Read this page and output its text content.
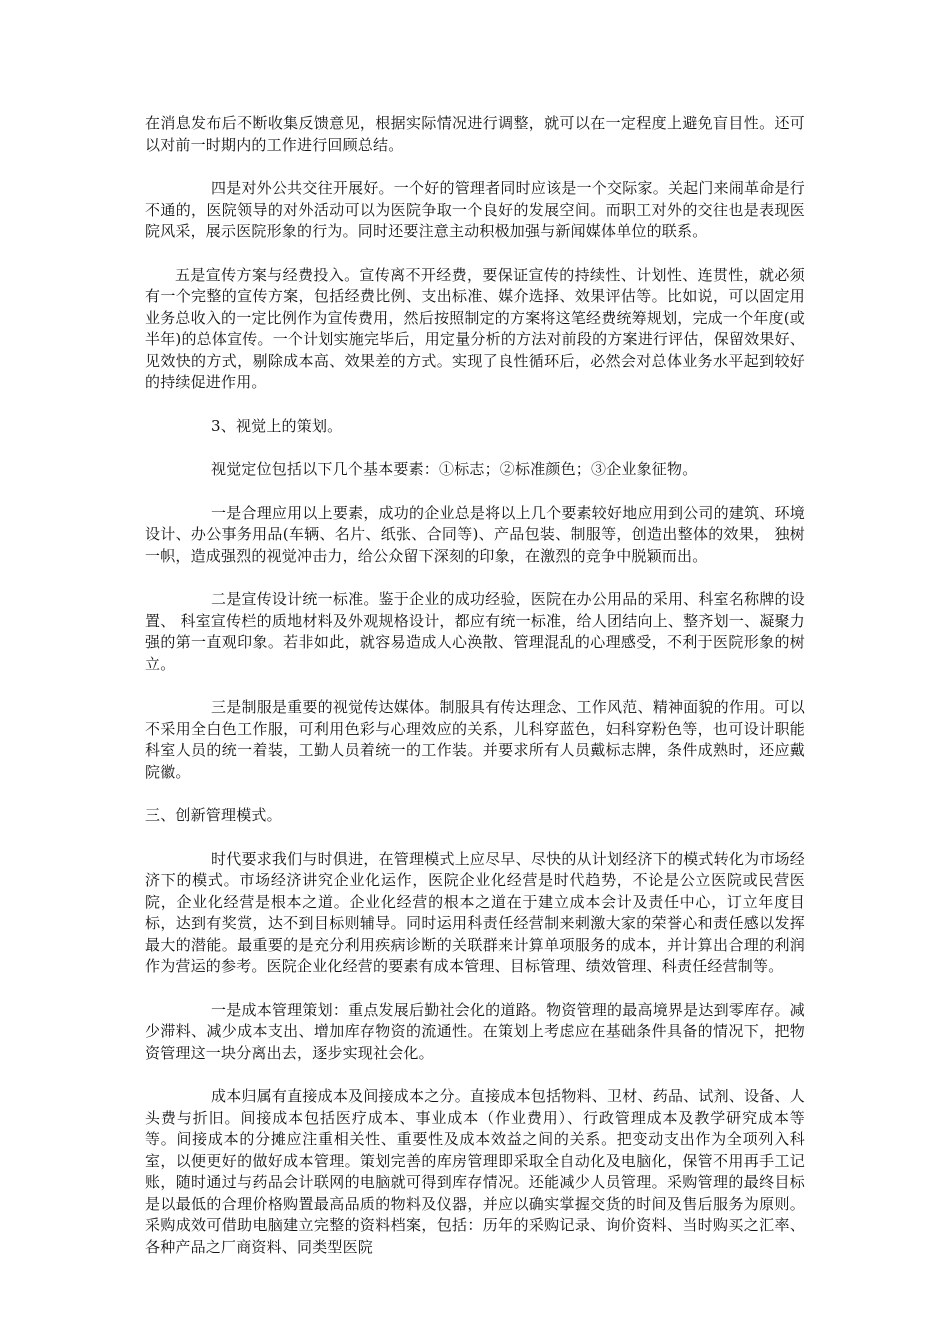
在消息发布后不断收集反馈意见，根据实际情况进行调整，就可以在一定程度上避免盲目性。还可以对前一时期内的工作进行回顾总结。

四是对外公共交往开展好。一个好的管理者同时应该是一个交际家。关起门来闹革命是行不通的，医院领导的对外活动可以为医院争取一个良好的发展空间。而职工对外的交往也是表现医院风采，展示医院形象的行为。同时还要注意主动积极加强与新闻媒体单位的联系。

五是宣传方案与经费投入。宣传离不开经费，要保证宣传的持续性、计划性、连贯性，就必须有一个完整的宣传方案，包括经费比例、支出标准、媒介选择、效果评估等。比如说，可以固定用业务总收入的一定比例作为宣传费用，然后按照制定的方案将这笔经费统筹规划，完成一个年度(或半年)的总体宣传。一个计划实施完毕后，用定量分析的方法对前段的方案进行评估，保留效果好、见效快的方式，剔除成本高、效果差的方式。实现了良性循环后，必然会对总体业务水平起到较好的持续促进作用。

3、视觉上的策划。

视觉定位包括以下几个基本要素：①标志；②标准颜色；③企业象征物。

一是合理应用以上要素，成功的企业总是将以上几个要素较好地应用到公司的建筑、环境设计、办公事务用品(车辆、名片、纸张、合同等)、产品包装、制服等，创造出整体的效果， 独树一帜，造成强烈的视觉冲击力，给公众留下深刻的印象，在激烈的竞争中脱颖而出。

二是宣传设计统一标准。鉴于企业的成功经验，医院在办公用品的采用、科室名称牌的设置、 科室宣传栏的质地材料及外观规格设计，都应有统一标准，给人团结向上、整齐划一、凝聚力强的第一直观印象。若非如此，就容易造成人心涣散、管理混乱的心理感受，不利于医院形象的树立。

三是制服是重要的视觉传达媒体。制服具有传达理念、工作风范、精神面貌的作用。可以不采用全白色工作服，可利用色彩与心理效应的关系，儿科穿蓝色，妇科穿粉色等，也可设计职能科室人员的统一着装，工勤人员着统一的工作装。并要求所有人员戴标志牌，条件成熟时，还应戴院徽。

三、创新管理模式。

时代要求我们与时俱进，在管理模式上应尽早、尽快的从计划经济下的模式转化为市场经济下的模式。市场经济讲究企业化运作，医院企业化经营是时代趋势，不论是公立医院或民营医院，企业化经营是根本之道。企业化经营的根本之道在于建立成本会计及责任中心，订立年度目标，达到有奖赏，达不到目标则辅导。同时运用科责任经营制来刺激大家的荣誉心和责任感以发挥最大的潜能。最重要的是充分利用疾病诊断的关联群来计算单项服务的成本，并计算出合理的利润作为营运的参考。医院企业化经营的要素有成本管理、目标管理、绩效管理、科责任经营制等。

一是成本管理策划：重点发展后勤社会化的道路。物资管理的最高境界是达到零库存。减少滞料、减少成本支出、增加库存物资的流通性。在策划上考虑应在基础条件具备的情况下，把物资管理这一块分离出去，逐步实现社会化。

成本归属有直接成本及间接成本之分。直接成本包括物料、卫材、药品、试剂、设备、人头费与折旧。间接成本包括医疗成本、事业成本（作业费用）、行政管理成本及教学研究成本等等。间接成本的分摊应注重相关性、重要性及成本效益之间的关系。把变动支出作为全项列入科室，以便更好的做好成本管理。策划完善的库房管理即采取全自动化及电脑化，保管不用再手工记账，随时通过与药品会计联网的电脑就可得到库存情况。还能减少人员管理。采购管理的最终目标是以最低的合理价格购置最高品质的物料及仪器，并应以确实掌握交货的时间及售后服务为原则。采购成效可借助电脑建立完整的资料档案，包括：历年的采购记录、询价资料、当时购买之汇率、各种产品之厂商资料、同类型医院
